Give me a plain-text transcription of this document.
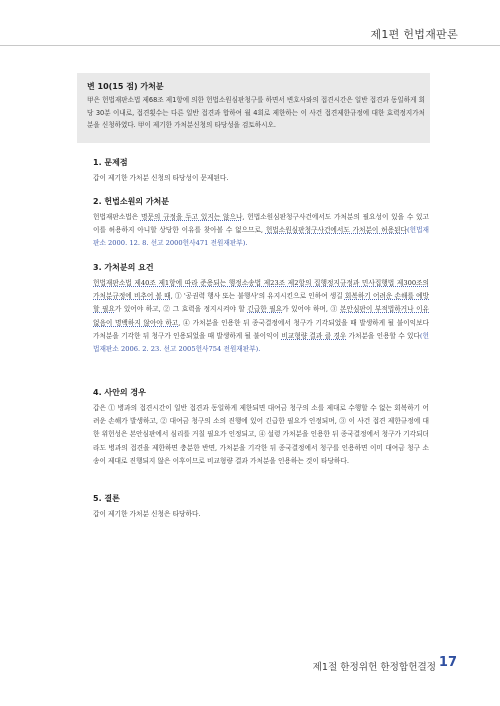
제1편 헌법재판론
변 10(15 점) 가처분
甲은 헌법재판소법 제68조 제1항에 의한 헌법소원심판청구를 하면서 변호사와의 접견시간은 일반 접견과 동일하게 회당 30분 이내로, 접견횟수는 다른 일반 접견과 합하여 월 4회로 제한하는 이 사건 접견제한규정에 대한 효력정지가처분을 신청하였다. 甲이 제기한 가처분신청의 타당성을 검토하시오.
1. 문제점
갑이 제기한 가처분 신청의 타당성이 문제된다.
2. 헌법소원의 가처분
헌법재판소법은 명문의 규정을 두고 있지는 않으나, 헌법소원심판청구사건에서도 가처분의 필요성이 있을 수 있고 이를 허용하지 아니할 상당한 이유를 찾아볼 수 없으므로, 헌법소원심판청구사건에서도 가처분이 허용된다(헌법재판소 2000. 12. 8. 선고 2000헌사471 전원재판부).
3. 가처분의 요건
헌법재판소법 제40조 제1항에 따라 준용되는 행정소송법 제23조 제2항의 집행정지규정과 민사집행법 제300조의 가처분규정에 비추어 볼 때, ① '공권력 행사 또는 불행사'의 유지시킨으로 인하여 생길 회복하기 어려운 손해를 예방할 필요가 있어야 하고, ② 그 효력을 정지시켜야 할 긴급한 필요가 있어야 하며, ③ 본안심판이 부적법하거나 이유 없음이 명백하지 않아야 하고, ④ 가처분을 인용한 뒤 종국결정에서 청구가 기각되었을 때 발생하게 될 불이익보다 가처분을 기각한 뒤 청구가 인용되었을 때 발생하게 될 불이익이 비교형량 결과 클 경우 가처분을 인용할 수 있다(헌법재판소 2006. 2. 23. 선고 2005헌사754 전원재판부).
4. 사안의 경우
갑은 ① 병과의 접견시간이 일반 접견과 동일하게 제한되면 대여금 청구의 소를 제대로 수행할 수 없는 회복하기 어려운 손해가 발생하고, ② 대여금 청구의 소의 진행에 있어 긴급한 필요가 인정되며, ③ 이 사건 접견 제한규정에 대한 위헌성은 본안심판에서 심리를 거칠 필요가 인정되고, ④ 설령 가처분을 인용한 뒤 종국결정에서 청구가 기각되더라도 병과의 접견을 제한하면 충분한 반면, 가처분을 기각한 뒤 종국결정에서 청구를 인용하면 이미 대여금 청구 소송이 제대로 진행되지 않은 이후이므로 비교형량 결과 가처분을 인용하는 것이 타당하다.
5. 결론
갑이 제기한 가처분 신청은 타당하다.
제1절 한정위헌 한정합헌결정 17
